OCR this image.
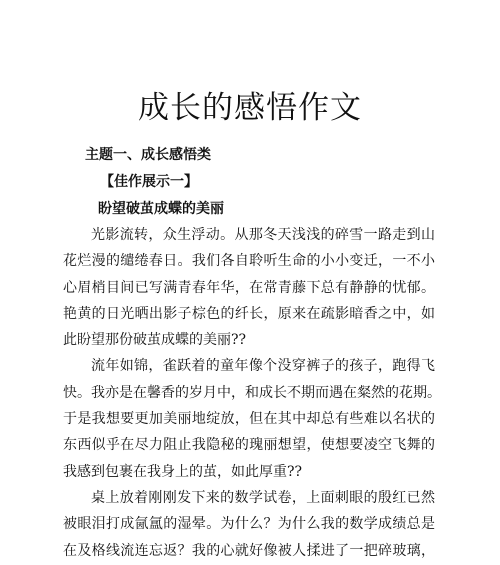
成长的感悟作文
主题一、成长感悟类
【佳作展示一】
盼望破茧成蝶的美丽

光影流转，众生浮动。从那冬天浅浅的碎雪一路走到山
花烂漫的缱绻春日。我们各自聆听生命的小小变迁，一不小
心眉梢目间已写满青春年华，在常青藤下总有静静的忧郁。
艳黄的日光晒出影子棕色的纤长，原来在疏影暗香之中，如
此盼望那份破茧成蝶的美丽??

流年如锦，雀跃着的童年像个没穿裤子的孩子，跑得飞
快。我亦是在馨香的岁月中，和成长不期而遇在粲然的花期。
于是我想要更加美丽地绽放，但在其中却总有些难以名状的
东西似乎在尽力阻止我隐秘的瑰丽想望，使想要凌空飞舞的
我感到包裹在我身上的茧，如此厚重??

桌上放着刚刚发下来的数学试卷，上面刺眼的殷红已然
被眼泪打成氤氲的湿晕。为什么？为什么我的数学成绩总是
在及格线流连忘返？我的心就好像被人揉进了一把碎玻璃，
